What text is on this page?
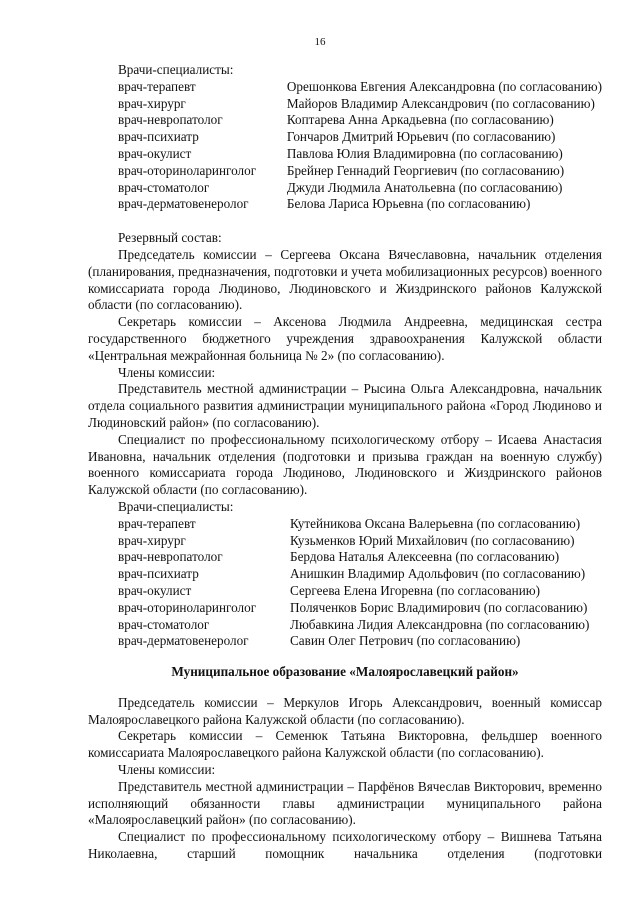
16
Врачи-специалисты:
врач-терапевт	Орешонкова Евгения Александровна (по согласованию)
врач-хирург	Майоров Владимир Александрович (по согласованию)
врач-невропатолог	Коптарева Анна Аркадьевна (по согласованию)
врач-психиатр	Гончаров Дмитрий Юрьевич (по согласованию)
врач-окулист	Павлова Юлия Владимировна (по согласованию)
врач-оториноларинголог	Брейнер Геннадий Георгиевич (по согласованию)
врач-стоматолог	Джуди Людмила Анатольевна (по согласованию)
врач-дерматовенеролог	Белова Лариса Юрьевна (по согласованию)
Резервный состав:
Председатель комиссии – Сергеева Оксана Вячеславовна, начальник отделения (планирования, предназначения, подготовки и учета мобилизационных ресурсов) военного комиссариата города Людиново, Людиновского и Жиздринского районов Калужской области (по согласованию).
Секретарь комиссии – Аксенова Людмила Андреевна, медицинская сестра государственного бюджетного учреждения здравоохранения Калужской области «Центральная межрайонная больница № 2» (по согласованию).
Члены комиссии:
Представитель местной администрации – Рысина Ольга Александровна, начальник отдела социального развития администрации муниципального района «Город Людиново и Людиновский район» (по согласованию).
Специалист по профессиональному психологическому отбору – Исаева Анастасия Ивановна, начальник отделения (подготовки и призыва граждан на военную службу) военного комиссариата города Людиново, Людиновского и Жиздринского районов Калужской области (по согласованию).
Врачи-специалисты:
врач-терапевт	Кутейникова Оксана Валерьевна (по согласованию)
врач-хирург	Кузьменков Юрий Михайлович (по согласованию)
врач-невропатолог	Бердова Наталья Алексеевна (по согласованию)
врач-психиатр	Анишкин Владимир Адольфович (по согласованию)
врач-окулист	Сергеева Елена Игоревна (по согласованию)
врач-оториноларинголог	Поляченков Борис Владимирович (по согласованию)
врач-стоматолог	Любавкина Лидия Александровна (по согласованию)
врач-дерматовенеролог	Савин Олег Петрович (по согласованию)
Муниципальное образование «Малоярославецкий район»
Председатель комиссии – Меркулов Игорь Александрович, военный комиссар Малоярославецкого района Калужской области (по согласованию).
Секретарь комиссии – Семенюк Татьяна Викторовна, фельдшер военного комиссариата Малоярославецкого района Калужской области (по согласованию).
Члены комиссии:
Представитель местной администрации – Парфёнов Вячеслав Викторович, временно исполняющий обязанности главы администрации муниципального района «Малоярославецкий район» (по согласованию).
Специалист по профессиональному психологическому отбору – Вишнева Татьяна Николаевна, старший помощник начальника отделения (подготовки
